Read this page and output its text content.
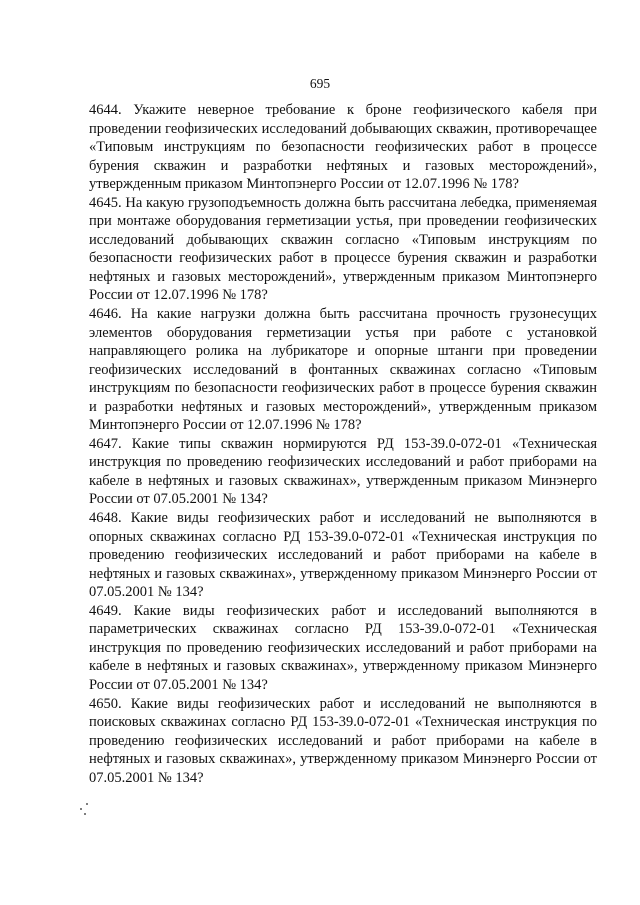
695

4644. Укажите неверное требование к броне геофизического кабеля при проведении геофизических исследований добывающих скважин, противоречащее «Типовым инструкциям по безопасности геофизических работ в процессе бурения скважин и разработки нефтяных и газовых месторождений», утвержденным приказом Минтопэнерго России от 12.07.1996 № 178?

4645. На какую грузоподъемность должна быть рассчитана лебедка, применяемая при монтаже оборудования герметизации устья, при проведении геофизических исследований добывающих скважин согласно «Типовым инструкциям по безопасности геофизических работ в процессе бурения скважин и разработки нефтяных и газовых месторождений», утвержденным приказом Минтопэнерго России от 12.07.1996 № 178?

4646. На какие нагрузки должна быть рассчитана прочность грузонесущих элементов оборудования герметизации устья при работе с установкой направляющего ролика на лубрикаторе и опорные штанги при проведении геофизических исследований в фонтанных скважинах согласно «Типовым инструкциям по безопасности геофизических работ в процессе бурения скважин и разработки нефтяных и газовых месторождений», утвержденным приказом Минтопэнерго России от 12.07.1996 № 178?

4647. Какие типы скважин нормируются РД 153-39.0-072-01 «Техническая инструкция по проведению геофизических исследований и работ приборами на кабеле в нефтяных и газовых скважинах», утвержденным приказом Минэнерго России от 07.05.2001 № 134?

4648. Какие виды геофизических работ и исследований не выполняются в опорных скважинах согласно РД 153-39.0-072-01 «Техническая инструкция по проведению геофизических исследований и работ приборами на кабеле в нефтяных и газовых скважинах», утвержденному приказом Минэнерго России от 07.05.2001 № 134?

4649. Какие виды геофизических работ и исследований выполняются в параметрических скважинах согласно РД 153-39.0-072-01 «Техническая инструкция по проведению геофизических исследований и работ приборами на кабеле в нефтяных и газовых скважинах», утвержденному приказом Минэнерго России от 07.05.2001 № 134?

4650. Какие виды геофизических работ и исследований не выполняются в поисковых скважинах согласно РД 153-39.0-072-01 «Техническая инструкция по проведению геофизических исследований и работ приборами на кабеле в нефтяных и газовых скважинах», утвержденному приказом Минэнерго России от 07.05.2001 № 134?
